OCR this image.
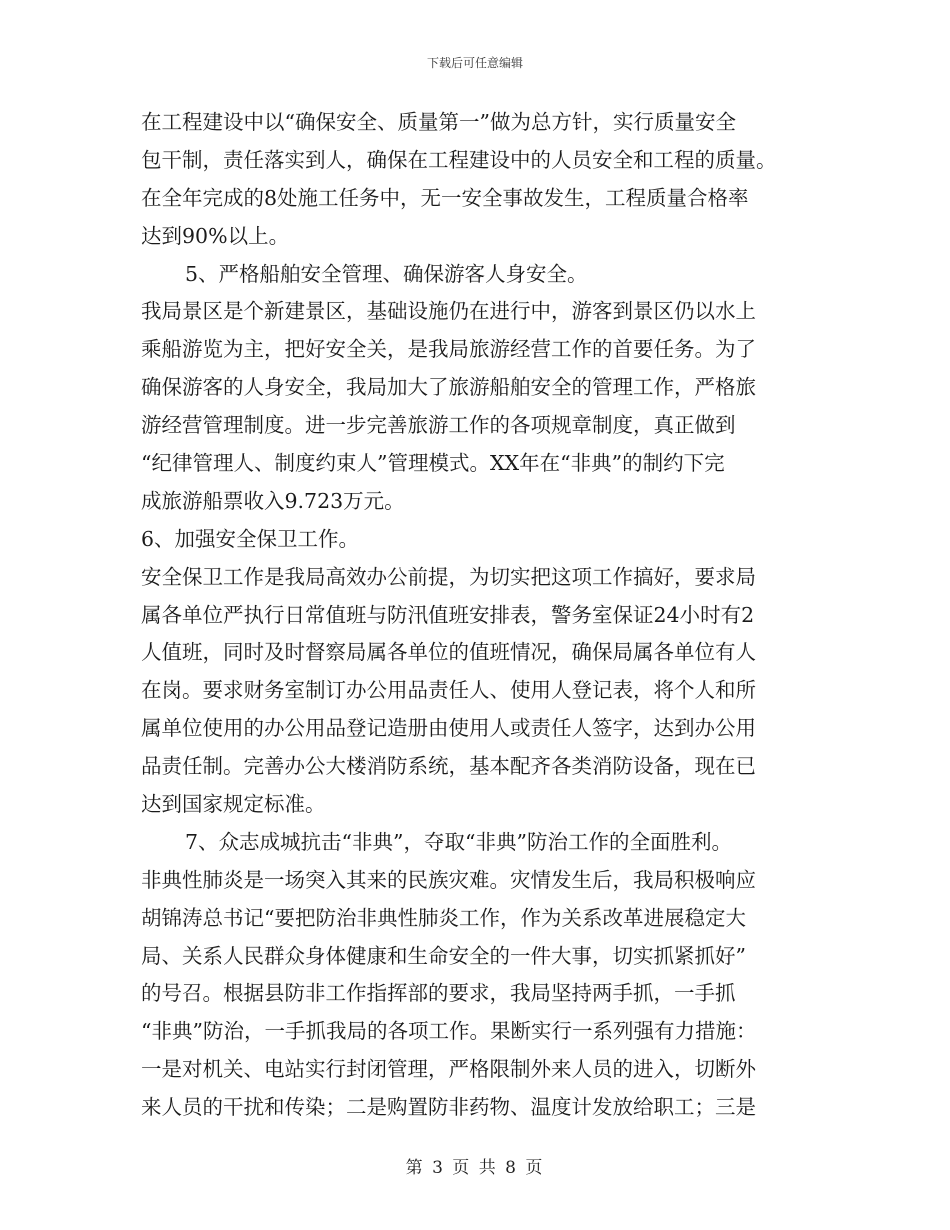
下载后可任意编辑
在工程建设中以“确保安全、质量第一”做为总方针，实行质量安全
包干制，责任落实到人，确保在工程建设中的人员安全和工程的质量。
在全年完成的8处施工任务中，无一安全事故发生，工程质量合格率
达到90%以上。
5、严格船舶安全管理、确保游客人身安全。
我局景区是个新建景区，基础设施仍在进行中，游客到景区仍以水上
乘船游览为主，把好安全关，是我局旅游经营工作的首要任务。为了
确保游客的人身安全，我局加大了旅游船舶安全的管理工作，严格旅
游经营管理制度。进一步完善旅游工作的各项规章制度，真正做到
“纪律管理人、制度约束人”管理模式。XX年在“非典”的制约下完
成旅游船票收入9.723万元。
6、加强安全保卫工作。
安全保卫工作是我局高效办公前提，为切实把这项工作搞好，要求局
属各单位严执行日常值班与防汛值班安排表，警务室保证24小时有2
人值班，同时及时督察局属各单位的值班情况，确保局属各单位有人
在岗。要求财务室制订办公用品责任人、使用人登记表，将个人和所
属单位使用的办公用品登记造册由使用人或责任人签字，达到办公用
品责任制。完善办公大楼消防系统，基本配齐各类消防设备，现在已
达到国家规定标准。
7、众志成城抗击“非典”，夺取“非典”防治工作的全面胜利。
非典性肺炎是一场突入其来的民族灾难。灾情发生后，我局积极响应
胡锦涛总书记“要把防治非典性肺炎工作，作为关系改革进展稳定大
局、关系人民群众身体健康和生命安全的一件大事，切实抓紧抓好”
的号召。根据县防非工作指挥部的要求，我局坚持两手抓，一手抓
“非典”防治，一手抓我局的各项工作。果断实行一系列强有力措施：
一是对机关、电站实行封闭管理，严格限制外来人员的进入，切断外
来人员的干扰和传染；二是购置防非药物、温度计发放给职工；三是
第 3 页 共 8 页
